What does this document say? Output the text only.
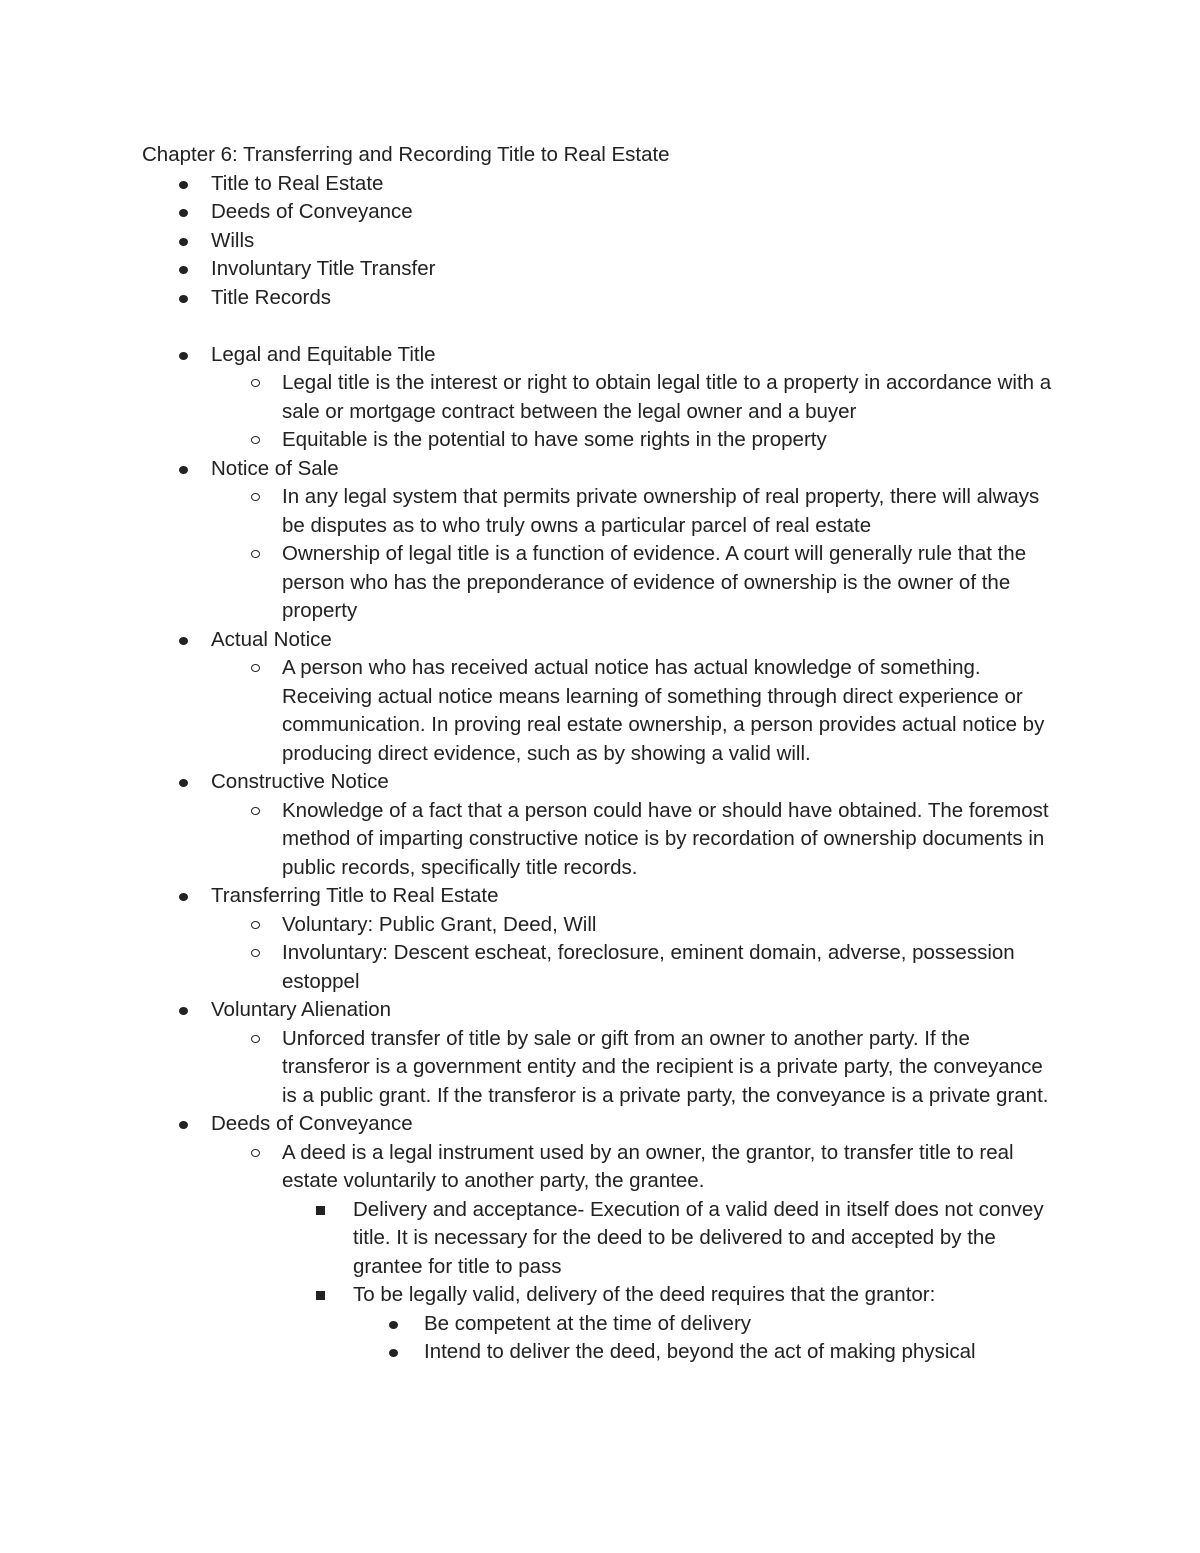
Chapter 6: Transferring and Recording Title to Real Estate
Title to Real Estate
Deeds of Conveyance
Wills
Involuntary Title Transfer
Title Records
Legal and Equitable Title
Legal title is the interest or right to obtain legal title to a property in accordance with a sale or mortgage contract between the legal owner and a buyer
Equitable is the potential to have some rights in the property
Notice of Sale
In any legal system that permits private ownership of real property, there will always be disputes as to who truly owns a particular parcel of real estate
Ownership of legal title is a function of evidence. A court will generally rule that the person who has the preponderance of evidence of ownership is the owner of the property
Actual Notice
A person who has received actual notice has actual knowledge of something. Receiving actual notice means learning of something through direct experience or communication. In proving real estate ownership, a person provides actual notice by producing direct evidence, such as by showing a valid will.
Constructive Notice
Knowledge of a fact that a person could have or should have obtained. The foremost method of imparting constructive notice is by recordation of ownership documents in public records, specifically title records.
Transferring Title to Real Estate
Voluntary: Public Grant, Deed, Will
Involuntary: Descent escheat, foreclosure, eminent domain, adverse, possession estoppel
Voluntary Alienation
Unforced transfer of title by sale or gift from an owner to another party. If the transferor is a government entity and the recipient is a private party, the conveyance is a public grant. If the transferor is a private party, the conveyance is a private grant.
Deeds of Conveyance
A deed is a legal instrument used by an owner, the grantor, to transfer title to real estate voluntarily to another party, the grantee.
Delivery and acceptance- Execution of a valid deed in itself does not convey title. It is necessary for the deed to be delivered to and accepted by the grantee for title to pass
To be legally valid, delivery of the deed requires that the grantor:
Be competent at the time of delivery
Intend to deliver the deed, beyond the act of making physical
